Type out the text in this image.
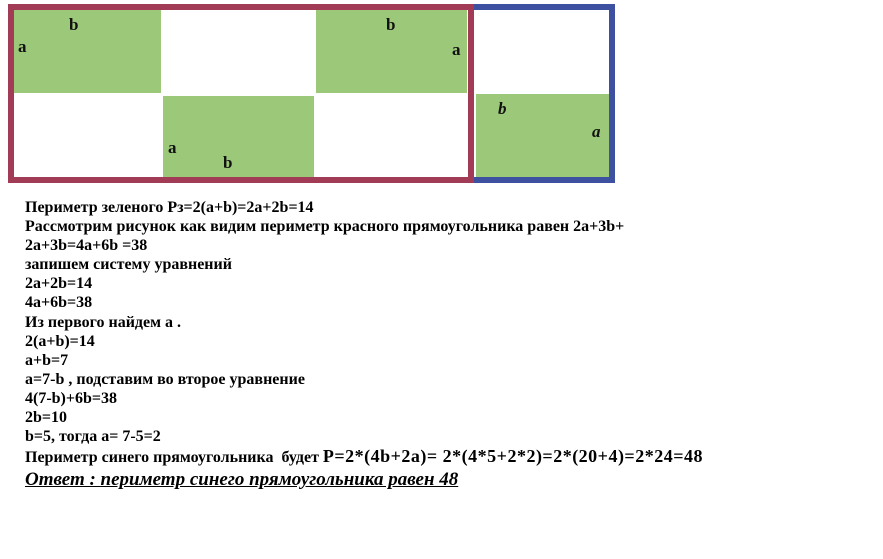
b
a
a
b
b
a
b
a
Периметр зеленого Рз=2(a+b)=2a+2b=14
Рассмотрим рисунок как видим периметр красного прямоугольника равен 2a+3b+
2a+3b=4a+6b =38
запишем систему уравнений
2a+2b=14
4a+6b=38
Из первого найдем а .
2(a+b)=14
a+b=7
a=7-b , подставим во второе уравнение
4(7-b)+6b=38
2b=10
b=5, тогда a= 7-5=2
Периметр синего прямоугольника  будет P=2*(4b+2a)= 2*(4*5+2*2)=2*(20+4)=2*24=48
Ответ : периметр синего прямоугольника равен 48
